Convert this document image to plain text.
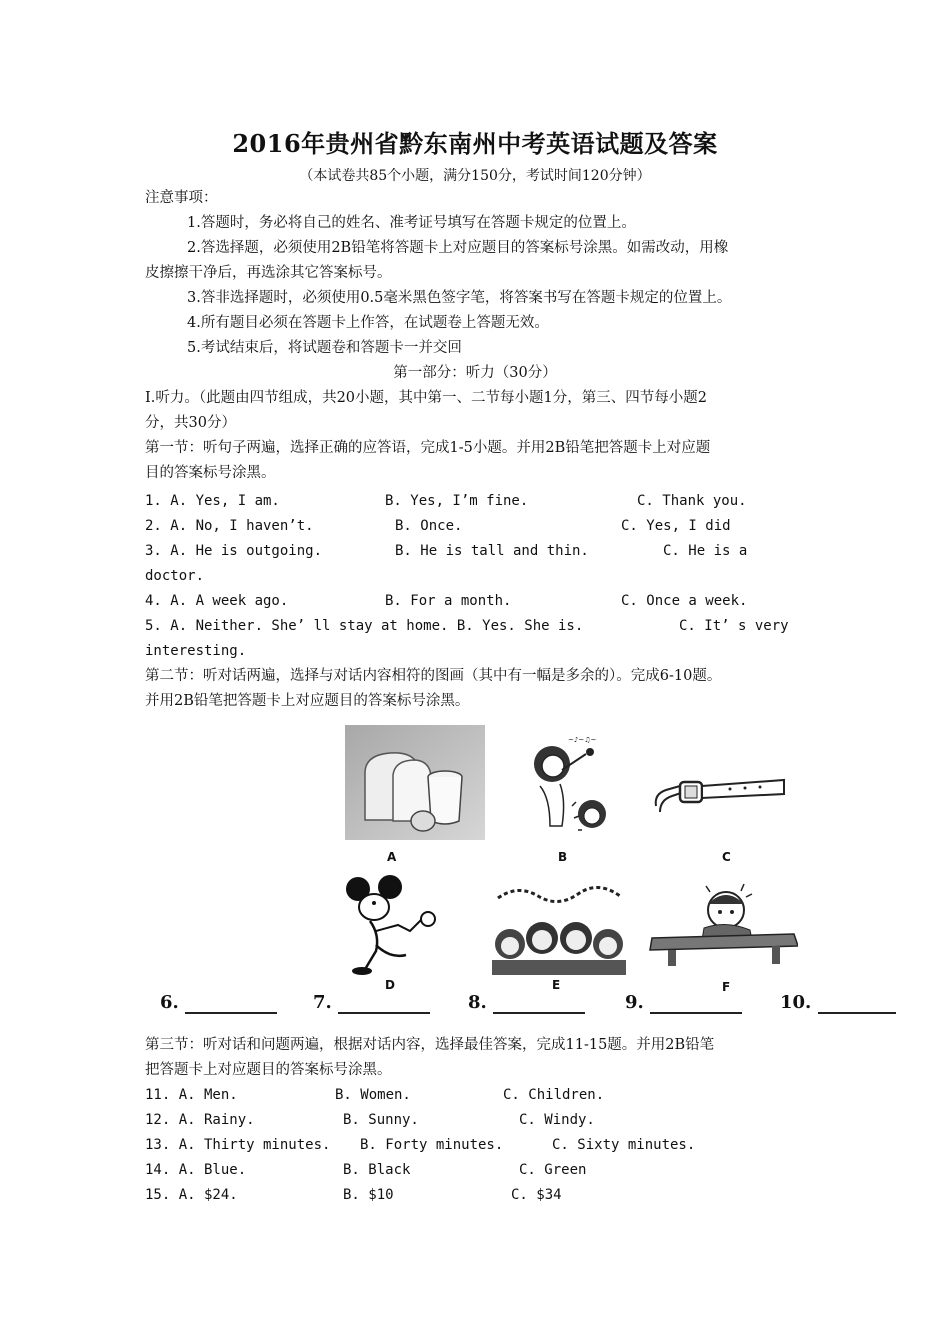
2016年贵州省黔东南州中考英语试题及答案
（本试卷共85个小题，满分150分，考试时间120分钟）
注意事项：
1.答题时，务必将自己的姓名、准考证号填写在答题卡规定的位置上。
2.答选择题，必须使用2B铅笔将答题卡上对应题目的答案标号涂黑。如需改动，用橡
皮擦擦干净后，再选涂其它答案标号。
3.答非选择题时，必须使用0.5毫米黑色签字笔，将答案书写在答题卡规定的位置上。
4.所有题目必须在答题卡上作答，在试题卷上答题无效。
5.考试结束后，将试题卷和答题卡一并交回
第一部分：听力（30分）
Ⅰ.听力。（此题由四节组成，共20小题，其中第一、二节每小题1分，第三、四节每小题2
分，共30分）
第一节：听句子两遍，选择正确的应答语，完成1-5小题。并用2B铅笔把答题卡上对应题
目的答案标号涂黑。
1. A. Yes, I am.	B. Yes, I’m fine.	C. Thank you.
2. A. No, I haven’t.	B. Once.	C. Yes, I did
3. A. He is outgoing.	B. He is tall and thin.	C. He is a
doctor.
4. A. A week ago.	B. For a month.	C. Once a week.
5. A. Neither. She’ ll stay at home. B. Yes. She is.	C. It’ s very
interesting.
第二节：听对话两遍，选择与对话内容相符的图画（其中有一幅是多余的）。完成6-10题。
并用2B铅笔把答题卡上对应题目的答案标号涂黑。
A
~♪~♫~
B	C
D	E	F
6.	7.	8.	9.	10.
第三节：听对话和问题两遍，根据对话内容，选择最佳答案，完成11-15题。并用2B铅笔
把答题卡上对应题目的答案标号涂黑。
11. A. Men.	B. Women.	C. Children.
12. A. Rainy.	B. Sunny.	C. Windy.
13. A. Thirty minutes. B. Forty minutes.	C. Sixty minutes.
14. A. Blue.	B. Black	C. Green
15. A. $24.	B. $10	C. $34
